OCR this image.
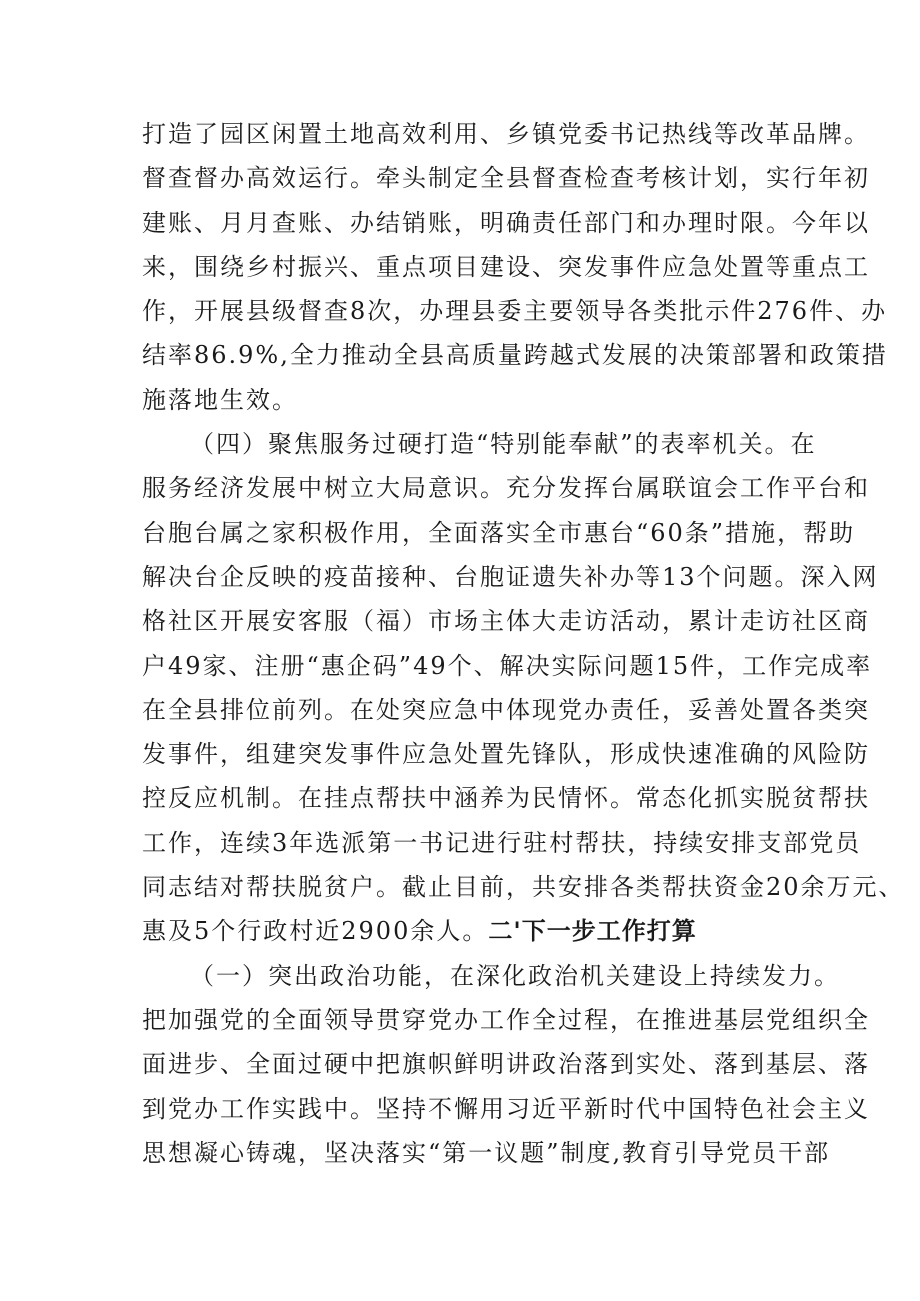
打造了园区闲置土地高效利用、乡镇党委书记热线等改革品牌。
督查督办高效运行。牵头制定全县督查检查考核计划，实行年初
建账、月月查账、办结销账，明确责任部门和办理时限。今年以
来，围绕乡村振兴、重点项目建设、突发事件应急处置等重点工
作，开展县级督查8次，办理县委主要领导各类批示件276件、办
结率86.9%,全力推动全县高质量跨越式发展的决策部署和政策措
施落地生效。
（四）聚焦服务过硬打造“特别能奉献”的表率机关。在
服务经济发展中树立大局意识。充分发挥台属联谊会工作平台和
台胞台属之家积极作用，全面落实全市惠台“60条”措施，帮助
解决台企反映的疫苗接种、台胞证遗失补办等13个问题。深入网
格社区开展安客服（福）市场主体大走访活动，累计走访社区商
户49家、注册“惠企码”49个、解决实际问题15件，工作完成率
在全县排位前列。在处突应急中体现党办责任，妥善处置各类突
发事件，组建突发事件应急处置先锋队，形成快速准确的风险防
控反应机制。在挂点帮扶中涵养为民情怀。常态化抓实脱贫帮扶
工作，连续3年选派第一书记进行驻村帮扶，持续安排支部党员
同志结对帮扶脱贫户。截止目前，共安排各类帮扶资金20余万元、
惠及5个行政村近2900余人。二'下一步工作打算
（一）突出政治功能，在深化政治机关建设上持续发力。
把加强党的全面领导贯穿党办工作全过程，在推进基层党组织全
面进步、全面过硬中把旗帜鲜明讲政治落到实处、落到基层、落
到党办工作实践中。坚持不懈用习近平新时代中国特色社会主义
思想凝心铸魂，坚决落实“第一议题”制度,教育引导党员干部
